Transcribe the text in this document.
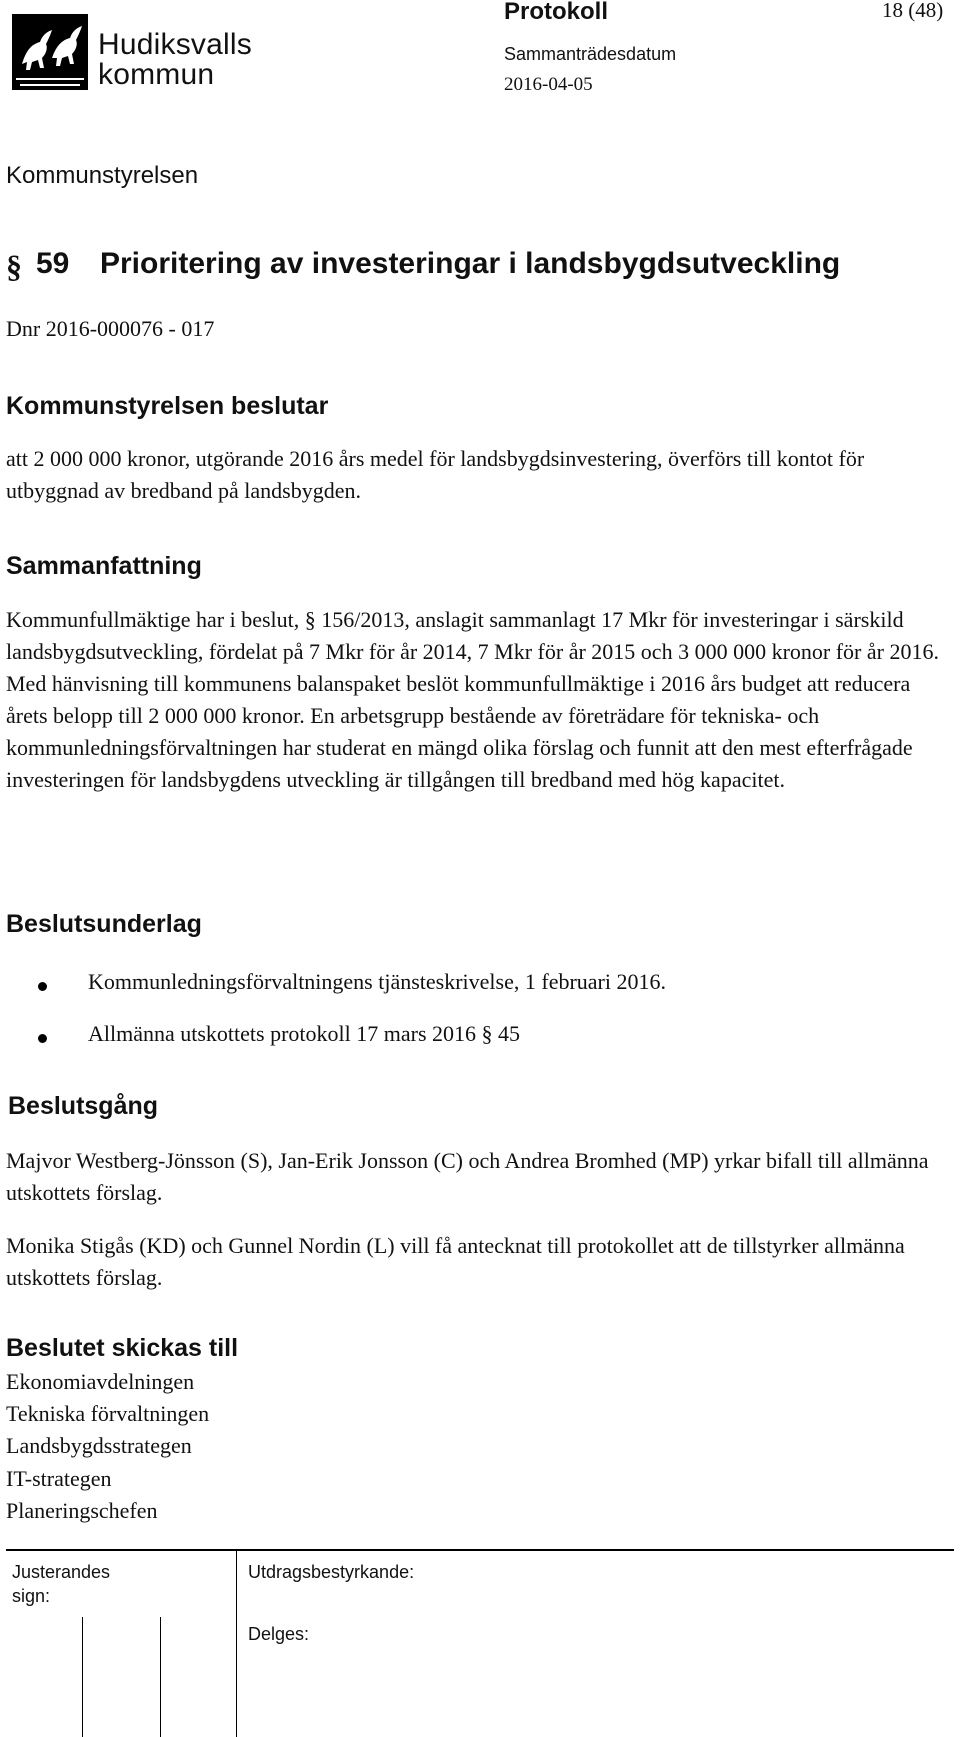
Hudiksvalls
kommun
Protokoll	18 (48)
Sammanträdesdatum
2016-04-05
Kommunstyrelsen
§ 59 Prioritering av investeringar i landsbygdsutveckling
Dnr 2016-000076 - 017
Kommunstyrelsen beslutar
att 2 000 000 kronor, utgörande 2016 års medel för landsbygdsinvestering, överförs till kontot för utbyggnad av bredband på landsbygden.
Sammanfattning
Kommunfullmäktige har i beslut, § 156/2013, anslagit sammanlagt 17 Mkr för investeringar i särskild landsbygdsutveckling, fördelat på 7 Mkr för år 2014, 7 Mkr för år 2015 och 3 000 000 kronor för år 2016. Med hänvisning till kommunens balanspaket beslöt kommunfullmäktige i 2016 års budget att reducera årets belopp till 2 000 000 kronor. En arbetsgrupp bestående av företrädare för tekniska- och kommunledningsförvaltningen har studerat en mängd olika förslag och funnit att den mest efterfrågade investeringen för landsbygdens utveckling är tillgången till bredband med hög kapacitet.
Beslutsunderlag
Kommunledningsförvaltningens tjänsteskrivelse, 1 februari 2016.
Allmänna utskottets protokoll 17 mars 2016 § 45
Beslutsgång
Majvor Westberg-Jönsson (S), Jan-Erik Jonsson (C) och Andrea Bromhed (MP) yrkar bifall till allmänna utskottets förslag.
Monika Stigås (KD) och Gunnel Nordin (L) vill få antecknat till protokollet att de tillstyrker allmänna utskottets förslag.
Beslutet skickas till
Ekonomiavdelningen
Tekniska förvaltningen
Landsbygdsstrategen
IT-strategen
Planeringschefen
Justerandes
sign:
Utdragsbestyrkande:
Delges:
